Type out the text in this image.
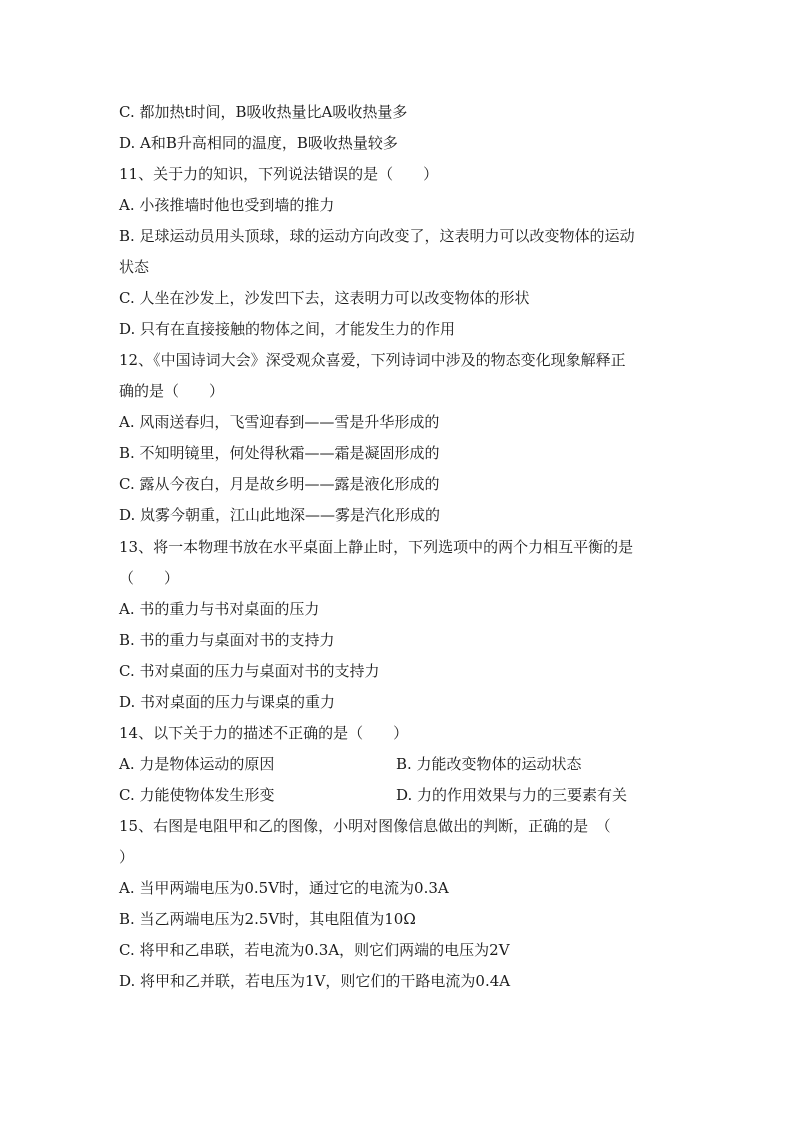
C. 都加热t时间，B吸收热量比A吸收热量多
D. A和B升高相同的温度，B吸收热量较多
11、关于力的知识，下列说法错误的是（　　）
A. 小孩推墙时他也受到墙的推力
B. 足球运动员用头顶球，球的运动方向改变了，这表明力可以改变物体的运动
状态
C. 人坐在沙发上，沙发凹下去，这表明力可以改变物体的形状
D. 只有在直接接触的物体之间，才能发生力的作用
12、《中国诗词大会》深受观众喜爱，下列诗词中涉及的物态变化现象解释正
确的是（　　）
A. 风雨送春归，飞雪迎春到——雪是升华形成的
B. 不知明镜里，何处得秋霜——霜是凝固形成的
C. 露从今夜白，月是故乡明——露是液化形成的
D. 岚雾今朝重，江山此地深——雾是汽化形成的
13、将一本物理书放在水平桌面上静止时，下列选项中的两个力相互平衡的是
（　　）
A. 书的重力与书对桌面的压力
B. 书的重力与桌面对书的支持力
C. 书对桌面的压力与桌面对书的支持力
D. 书对桌面的压力与课桌的重力
14、以下关于力的描述不正确的是（　　）
A. 力是物体运动的原因	B. 力能改变物体的运动状态
C. 力能使物体发生形变	D. 力的作用效果与力的三要素有关
15、右图是电阻甲和乙的图像，小明对图像信息做出的判断，正确的是　（
）
A. 当甲两端电压为0.5V时，通过它的电流为0.3A
B. 当乙两端电压为2.5V时，其电阻值为10Ω
C. 将甲和乙串联，若电流为0.3A，则它们两端的电压为2V
D. 将甲和乙并联，若电压为1V，则它们的干路电流为0.4A
